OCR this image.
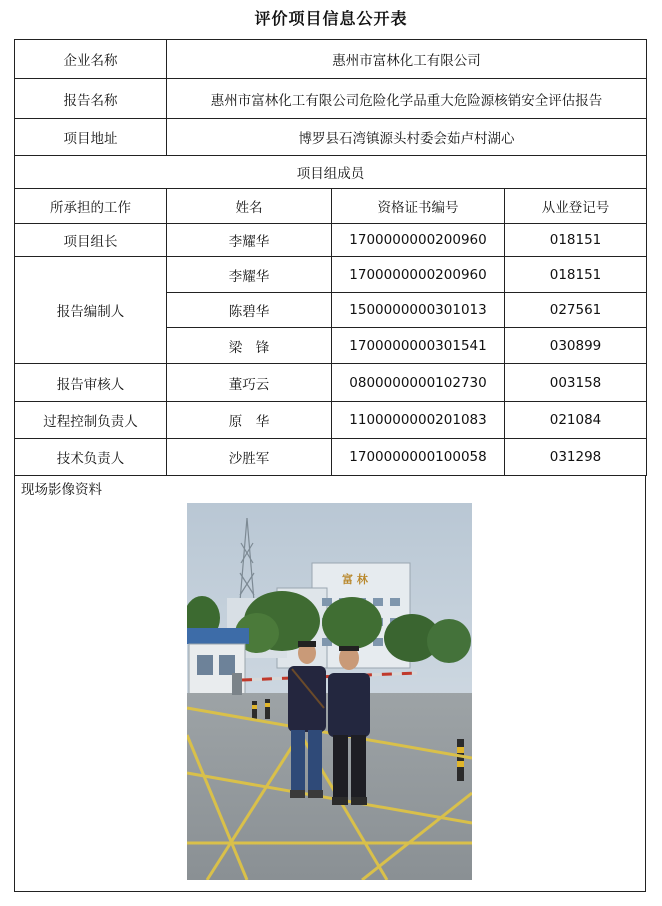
评价项目信息公开表
企业名称	惠州市富林化工有限公司		
报告名称	惠州市富林化工有限公司危险化学品重大危险源核销安全评估报告		
项目地址	博罗县石湾镇源头村委会茹卢村湖心		
项目组成员			
所承担的工作	姓名	资格证书编号	从业登记号
项目组长	李耀华	1700000000200960	018151
报告编制人	李耀华	1700000000200960	018151
	陈碧华	1500000000301013	027561
	梁　锋	1700000000301541	030899
报告审核人	董巧云	0800000000102730	003158
过程控制负责人	原　华	1100000000201083	021084
技术负责人	沙胜军	1700000000100058	031298
现场影像资料
富 林
